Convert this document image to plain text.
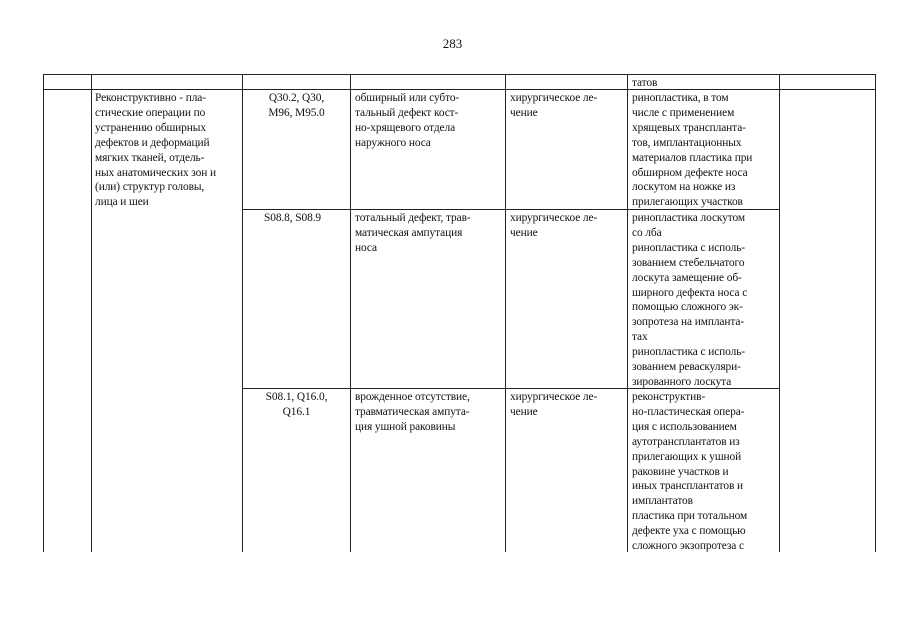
283
татов
Реконструктивно - пла-
стические операции по
устранению обширных
дефектов и деформаций
мягких тканей, отдель-
ных анатомических зон и
(или) структур головы,
лица и шеи
Q30.2, Q30,
M96, M95.0
обширный или субто-
тальный дефект кост-
но-хрящевого отдела
наружного носа
хирургическое ле-
чение
ринопластика, в том
числе с применением
хрящевых транспланта-
тов, имплантационных
материалов пластика при
обширном дефекте носа
лоскутом на ножке из
прилегающих участков
S08.8, S08.9	тотальный дефект, трав-
матическая ампутация
носа
хирургическое ле-
чение
ринопластика лоскутом
со лба
ринопластика с исполь-
зованием стебельчатого
лоскута замещение об-
ширного дефекта носа с
помощью сложного эк-
зопротеза на импланта-
тах
ринопластика с исполь-
зованием реваскуляри-
зированного лоскута
S08.1, Q16.0,
Q16.1
врожденное отсутствие,
травматическая ампута-
ция ушной раковины
хирургическое ле-
чение
реконструктив-
но-пластическая опера-
ция с использованием
аутотрансплантатов из
прилегающих к ушной
раковине участков и
иных трансплантатов и
имплантатов
пластика при тотальном
дефекте уха с помощью
сложного экзопротеза с
